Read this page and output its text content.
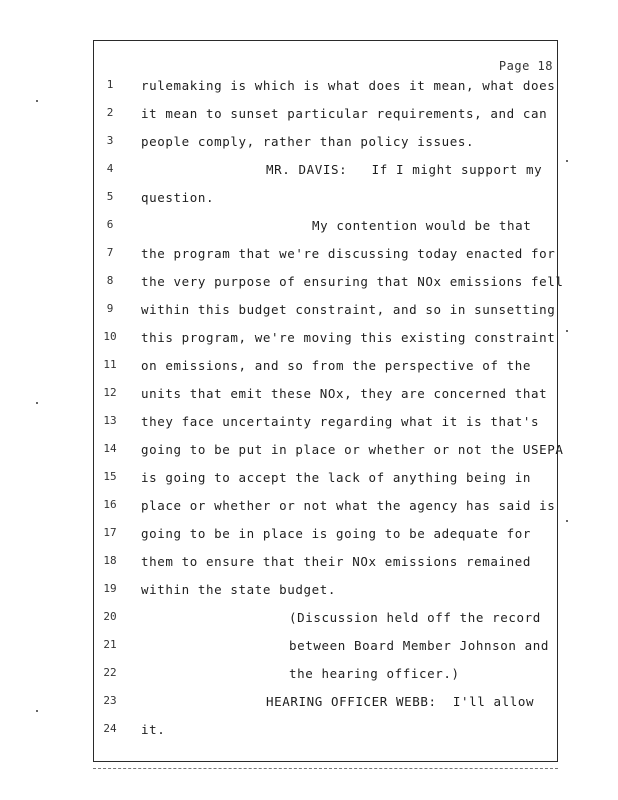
Page 18
1
2
3
4
5
6
7
8
9
10
11
12
13
14
15
16
17
18
19
20
21
22
23
24
rulemaking is which is what does it mean, what does
it mean to sunset particular requirements, and can
people comply, rather than policy issues.
MR. DAVIS:   If I might support my
question.
My contention would be that
the program that we're discussing today enacted for
the very purpose of ensuring that NOx emissions fell
within this budget constraint, and so in sunsetting
this program, we're moving this existing constraint
on emissions, and so from the perspective of the
units that emit these NOx, they are concerned that
they face uncertainty regarding what it is that's
going to be put in place or whether or not the USEPA
is going to accept the lack of anything being in
place or whether or not what the agency has said is
going to be in place is going to be adequate for
them to ensure that their NOx emissions remained
within the state budget.
(Discussion held off the record
between Board Member Johnson and
the hearing officer.)
HEARING OFFICER WEBB:  I'll allow
it.
